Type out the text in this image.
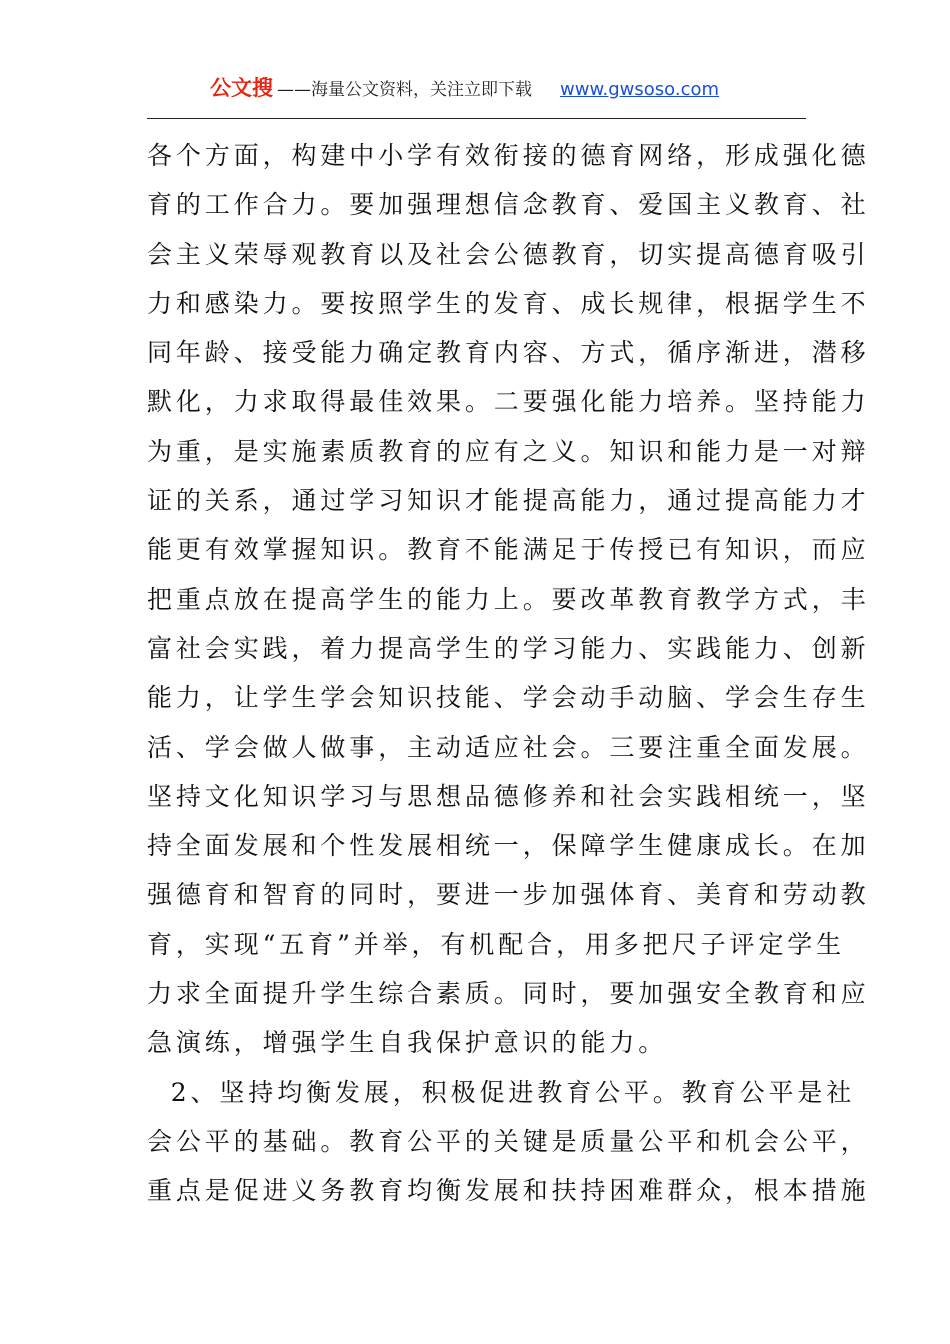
公文搜 ——海量公文资料，关注立即下载 www.gwsoso.com

各个方面，构建中小学有效衔接的德育网络，形成强化德
育的工作合力。要加强理想信念教育、爱国主义教育、社
会主义荣辱观教育以及社会公德教育，切实提高德育吸引
力和感染力。要按照学生的发育、成长规律，根据学生不
同年龄、接受能力确定教育内容、方式，循序渐进，潜移
默化，力求取得最佳效果。二要强化能力培养。坚持能力
为重，是实施素质教育的应有之义。知识和能力是一对辩
证的关系，通过学习知识才能提高能力，通过提高能力才
能更有效掌握知识。教育不能满足于传授已有知识，而应
把重点放在提高学生的能力上。要改革教育教学方式，丰
富社会实践，着力提高学生的学习能力、实践能力、创新
能力，让学生学会知识技能、学会动手动脑、学会生存生
活、学会做人做事，主动适应社会。三要注重全面发展。
坚持文化知识学习与思想品德修养和社会实践相统一，坚
持全面发展和个性发展相统一，保障学生健康成长。在加
强德育和智育的同时，要进一步加强体育、美育和劳动教
育，实现“五育”并举，有机配合，用多把尺子评定学生
力求全面提升学生综合素质。同时，要加强安全教育和应
急演练，增强学生自我保护意识的能力。

2、坚持均衡发展，积极促进教育公平。教育公平是社
会公平的基础。教育公平的关键是质量公平和机会公平，
重点是促进义务教育均衡发展和扶持困难群众，根本措施
